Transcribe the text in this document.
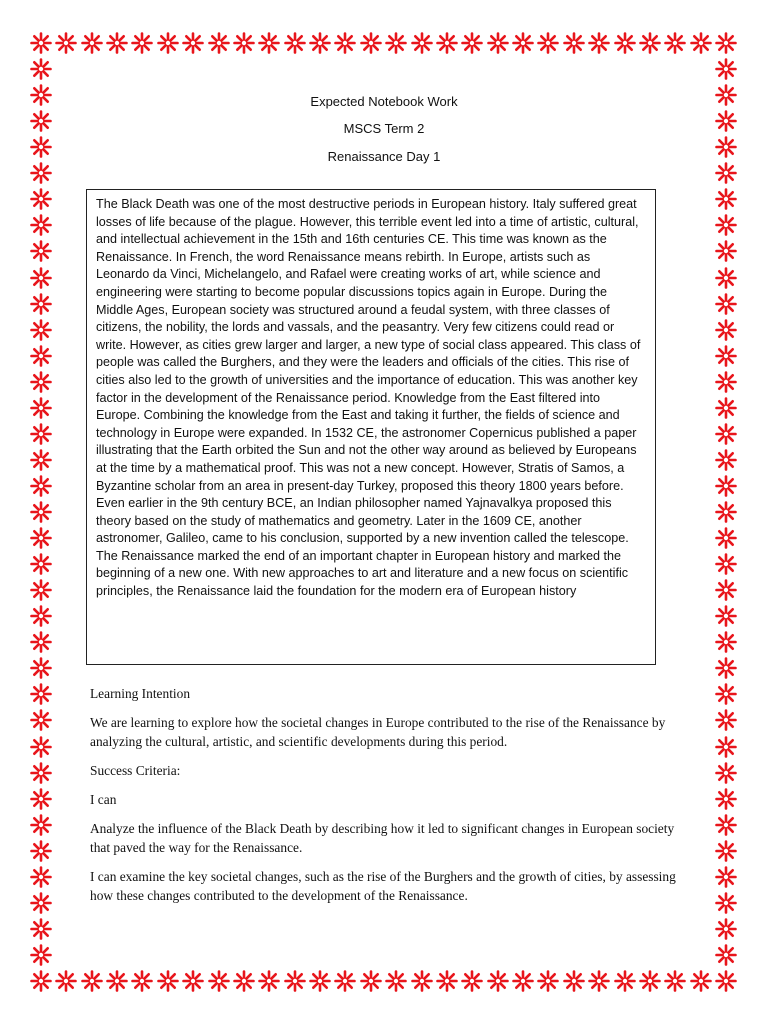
Expected Notebook Work
MSCS Term 2
Renaissance Day 1

The Black Death was one of the most destructive periods in European history. Italy suffered great losses of life because of the plague. However, this terrible event led into a time of artistic, cultural, and intellectual achievement in the 15th and 16th centuries CE. This time was known as the Renaissance. In French, the word Renaissance means rebirth. In Europe, artists such as Leonardo da Vinci, Michelangelo, and Rafael were creating works of art, while science and engineering were starting to become popular discussions topics again in Europe. During the Middle Ages, European society was structured around a feudal system, with three classes of citizens, the nobility, the lords and vassals, and the peasantry. Very few citizens could read or write. However, as cities grew larger and larger, a new type of social class appeared. This class of people was called the Burghers, and they were the leaders and officials of the cities. This rise of cities also led to the growth of universities and the importance of education. This was another key factor in the development of the Renaissance period. Knowledge from the East filtered into Europe. Combining the knowledge from the East and taking it further, the fields of science and technology in Europe were expanded. In 1532 CE, the astronomer Copernicus published a paper illustrating that the Earth orbited the Sun and not the other way around as believed by Europeans at the time by a mathematical proof. This was not a new concept. However, Stratis of Samos, a Byzantine scholar from an area in present-day Turkey, proposed this theory 1800 years before. Even earlier in the 9th century BCE, an Indian philosopher named Yajnavalkya proposed this theory based on the study of mathematics and geometry. Later in the 1609 CE, another astronomer, Galileo, came to his conclusion, supported by a new invention called the telescope. The Renaissance marked the end of an important chapter in European history and marked the beginning of a new one. With new approaches to art and literature and a new focus on scientific principles, the Renaissance laid the foundation for the modern era of European history

Learning Intention

We are learning to explore how the societal changes in Europe contributed to the rise of the Renaissance by analyzing the cultural, artistic, and scientific developments during this period.

Success Criteria:

I can

Analyze the influence of the Black Death by describing how it led to significant changes in European society that paved the way for the Renaissance.

I can examine the key societal changes, such as the rise of the Burghers and the growth of cities, by assessing how these changes contributed to the development of the Renaissance.
